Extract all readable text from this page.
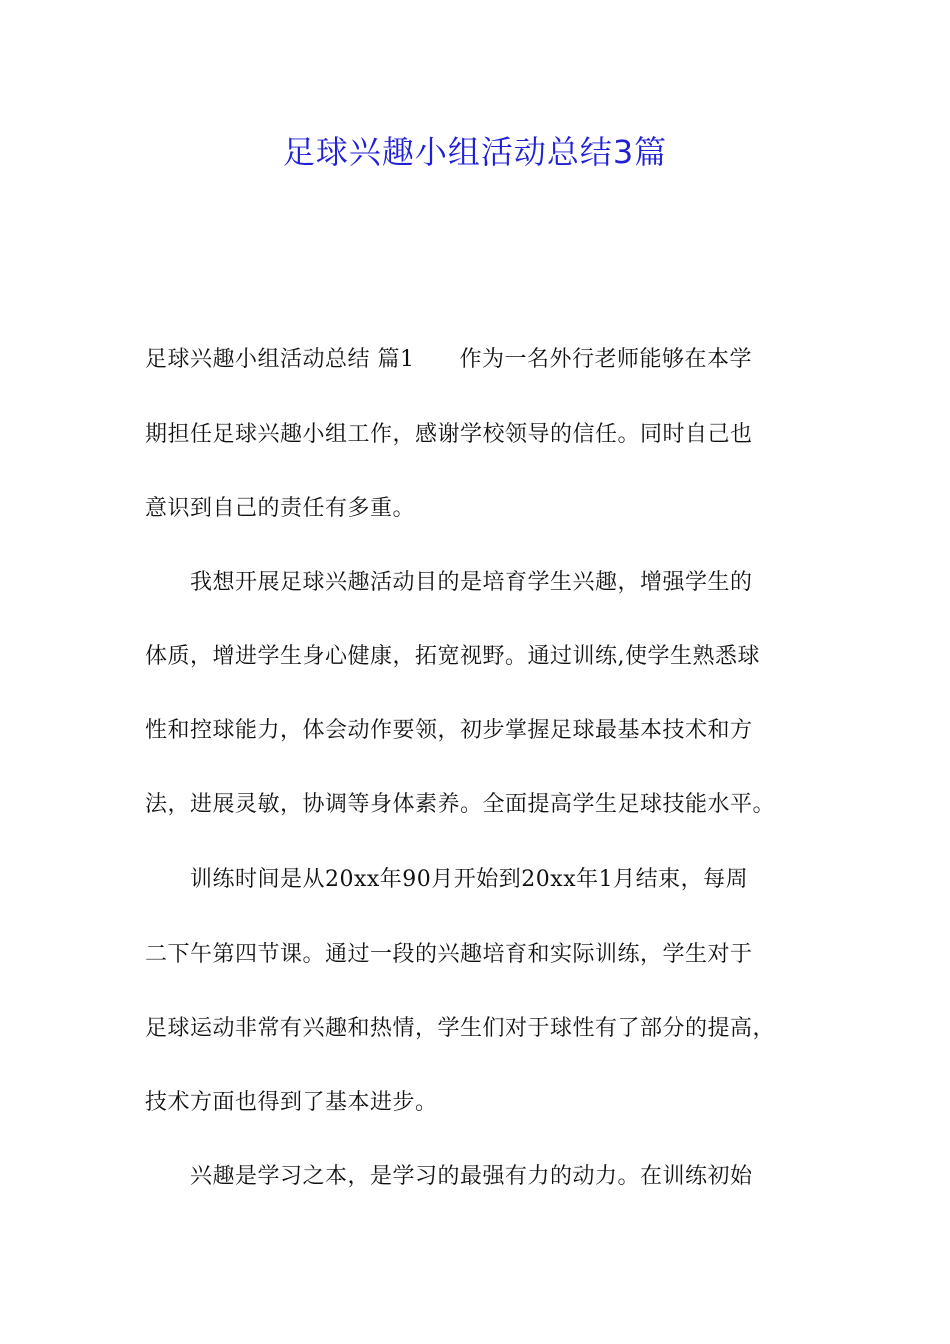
足球兴趣小组活动总结3篇
足球兴趣小组活动总结 篇1　　作为一名外行老师能够在本学
期担任足球兴趣小组工作，感谢学校领导的信任。同时自己也
意识到自己的责任有多重。
　　我想开展足球兴趣活动目的是培育学生兴趣，增强学生的
体质，增进学生身心健康，拓宽视野。通过训练,使学生熟悉球
性和控球能力，体会动作要领，初步掌握足球最基本技术和方
法，进展灵敏，协调等身体素养。全面提高学生足球技能水平。
　　训练时间是从20xx年90月开始到20xx年1月结束，每周
二下午第四节课。通过一段的兴趣培育和实际训练，学生对于
足球运动非常有兴趣和热情，学生们对于球性有了部分的提高，
技术方面也得到了基本进步。
　　兴趣是学习之本，是学习的最强有力的动力。在训练初始
